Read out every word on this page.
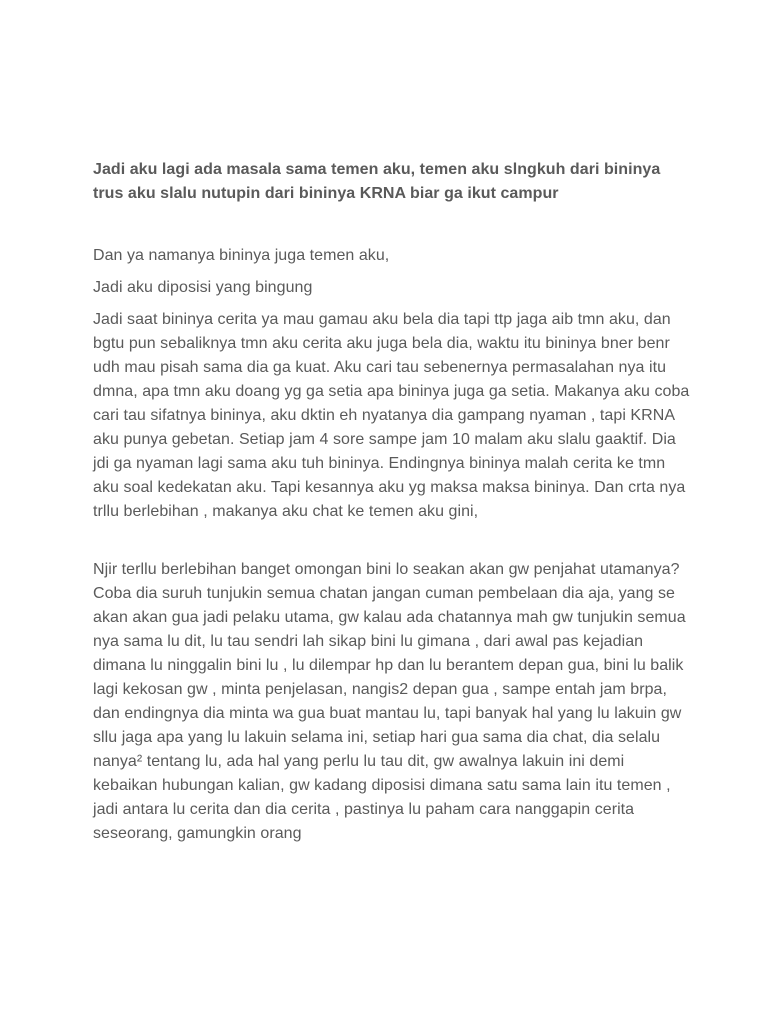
Jadi aku lagi ada masala sama temen aku, temen aku slngkuh dari bininya trus aku slalu nutupin dari bininya KRNA biar ga ikut campur

Dan ya namanya bininya juga temen aku,

Jadi aku diposisi yang bingung

Jadi saat bininya cerita ya mau gamau aku bela dia tapi ttp jaga aib tmn aku, dan bgtu pun sebaliknya tmn aku cerita aku juga bela dia, waktu itu bininya bner benr udh mau pisah sama dia ga kuat. Aku cari tau sebenernya permasalahan nya itu dmna, apa tmn aku doang yg ga setia apa bininya juga ga setia. Makanya aku coba cari tau sifatnya bininya, aku dktin eh nyatanya dia gampang nyaman , tapi KRNA aku punya gebetan. Setiap jam 4 sore sampe jam 10 malam aku slalu gaaktif. Dia jdi ga nyaman lagi sama aku tuh bininya. Endingnya bininya malah cerita ke tmn aku soal kedekatan aku. Tapi kesannya aku yg maksa maksa bininya. Dan crta nya trllu berlebihan , makanya aku chat ke temen aku gini,

Njir terllu berlebihan banget omongan bini lo seakan akan gw penjahat utamanya? Coba dia suruh tunjukin semua chatan jangan cuman pembelaan dia aja, yang se akan akan gua jadi pelaku utama, gw kalau ada chatannya mah gw tunjukin semua nya sama lu dit, lu tau sendri lah sikap bini lu gimana , dari awal pas kejadian dimana lu ninggalin bini lu , lu dilempar hp dan lu berantem depan gua, bini lu balik lagi kekosan gw , minta penjelasan, nangis2 depan gua , sampe entah jam brpa, dan endingnya dia minta wa gua buat mantau lu, tapi banyak hal yang lu lakuin gw sllu jaga apa yang lu lakuin selama ini, setiap hari gua sama dia chat, dia selalu nanya² tentang lu, ada hal yang perlu lu tau dit, gw awalnya lakuin ini demi kebaikan hubungan kalian, gw kadang diposisi dimana satu sama lain itu temen , jadi antara lu cerita dan dia cerita , pastinya lu paham cara nanggapin cerita seseorang, gamungkin orang
